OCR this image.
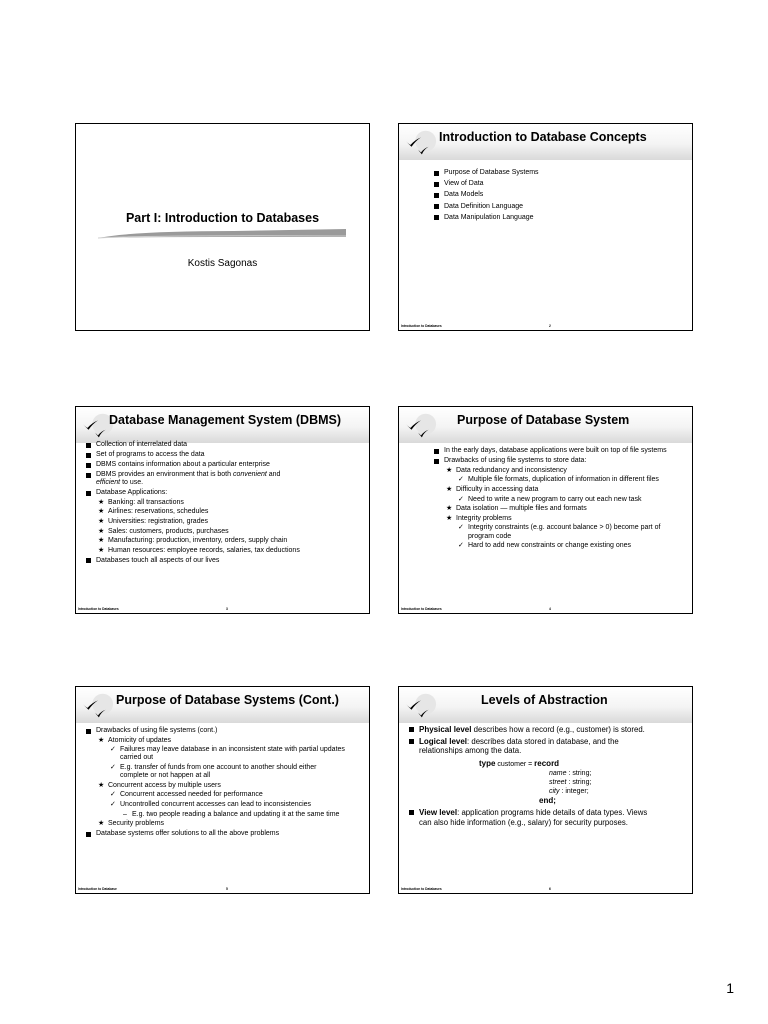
Part I: Introduction to Databases
Kostis Sagonas
Introduction to Database Concepts
Purpose of Database Systems
View of Data
Data Models
Data Definition Language
Data Manipulation Language
Introduction to Databases	2
Database Management System (DBMS)
Collection of interrelated data
Set of programs to access the data
DBMS contains information about a particular enterprise
DBMS provides an environment that is both convenient and
efficient to use.
Database Applications:
★ Banking: all transactions
★ Airlines: reservations, schedules
★ Universities: registration, grades
★ Sales: customers, products, purchases
★ Manufacturing: production, inventory, orders, supply chain
★ Human resources: employee records, salaries, tax deductions
Databases touch all aspects of our lives
Introduction to Databases	3
Purpose of Database System
In the early days, database applications were built on top of file systems
Drawbacks of using file systems to store data:
★ Data redundancy and inconsistency
✓ Multiple file formats, duplication of information in different files
★ Difficulty in accessing data
✓ Need to write a new program to carry out each new task
★ Data isolation — multiple files and formats
★ Integrity problems
✓ Integrity constraints (e.g. account balance > 0) become part of program code
✓ Hard to add new constraints or change existing ones
Introduction to Databases	4
Purpose of Database Systems (Cont.)
Drawbacks of using file systems (cont.)
★ Atomicity of updates
✓ Failures may leave database in an inconsistent state with partial updates carried out
✓ E.g. transfer of funds from one account to another should either complete or not happen at all
★ Concurrent access by multiple users
✓ Concurrent accessed needed for performance
✓ Uncontrolled concurrent accesses can lead to inconsistencies
– E.g. two people reading a balance and updating it at the same time
★ Security problems
Database systems offer solutions to all the above problems
Introduction to Database	5
Levels of Abstraction
Physical level describes how a record (e.g., customer) is stored.
Logical level: describes data stored in database, and the relationships among the data.
type customer = record
name : string;
street : string;
city : integer;
end;
View level: application programs hide details of data types. Views can also hide information (e.g., salary) for security purposes.
Introduction to Databases	6
1
